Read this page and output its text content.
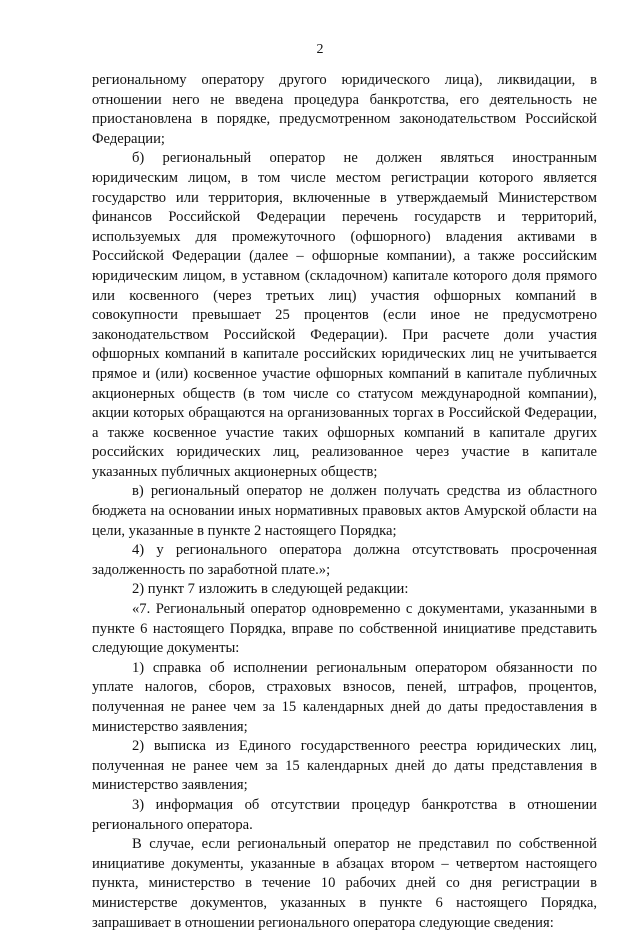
2

региональному оператору другого юридического лица), ликвидации, в отношении него не введена процедура банкротства, его деятельность не приостановлена в порядке, предусмотренном законодательством Российской Федерации;

б) региональный оператор не должен являться иностранным юридическим лицом, в том числе местом регистрации которого является государство или территория, включенные в утверждаемый Министерством финансов Российской Федерации перечень государств и территорий, используемых для промежуточного (офшорного) владения активами в Российской Федерации (далее – офшорные компании), а также российским юридическим лицом, в уставном (складочном) капитале которого доля прямого или косвенного (через третьих лиц) участия офшорных компаний в совокупности превышает 25 процентов (если иное не предусмотрено законодательством Российской Федерации). При расчете доли участия офшорных компаний в капитале российских юридических лиц не учитывается прямое и (или) косвенное участие офшорных компаний в капитале публичных акционерных обществ (в том числе со статусом международной компании), акции которых обращаются на организованных торгах в Российской Федерации, а также косвенное участие таких офшорных компаний в капитале других российских юридических лиц, реализованное через участие в капитале указанных публичных акционерных обществ;

в) региональный оператор не должен получать средства из областного бюджета на основании иных нормативных правовых актов Амурской области на цели, указанные в пункте 2 настоящего Порядка;

4) у регионального оператора должна отсутствовать просроченная задолженность по заработной плате.»;

2) пункт 7 изложить в следующей редакции:

«7. Региональный оператор одновременно с документами, указанными в пункте 6 настоящего Порядка, вправе по собственной инициативе представить следующие документы:

1) справка об исполнении региональным оператором обязанности по уплате налогов, сборов, страховых взносов, пеней, штрафов, процентов, полученная не ранее чем за 15 календарных дней до даты предоставления в министерство заявления;

2) выписка из Единого государственного реестра юридических лиц, полученная не ранее чем за 15 календарных дней до даты представления в министерство заявления;

3) информация об отсутствии процедур банкротства в отношении регионального оператора.

В случае, если региональный оператор не представил по собственной инициативе документы, указанные в абзацах втором – четвертом настоящего пункта, министерство в течение 10 рабочих дней со дня регистрации в министерстве документов, указанных в пункте 6 настоящего Порядка, запрашивает в отношении регионального оператора следующие сведения:
